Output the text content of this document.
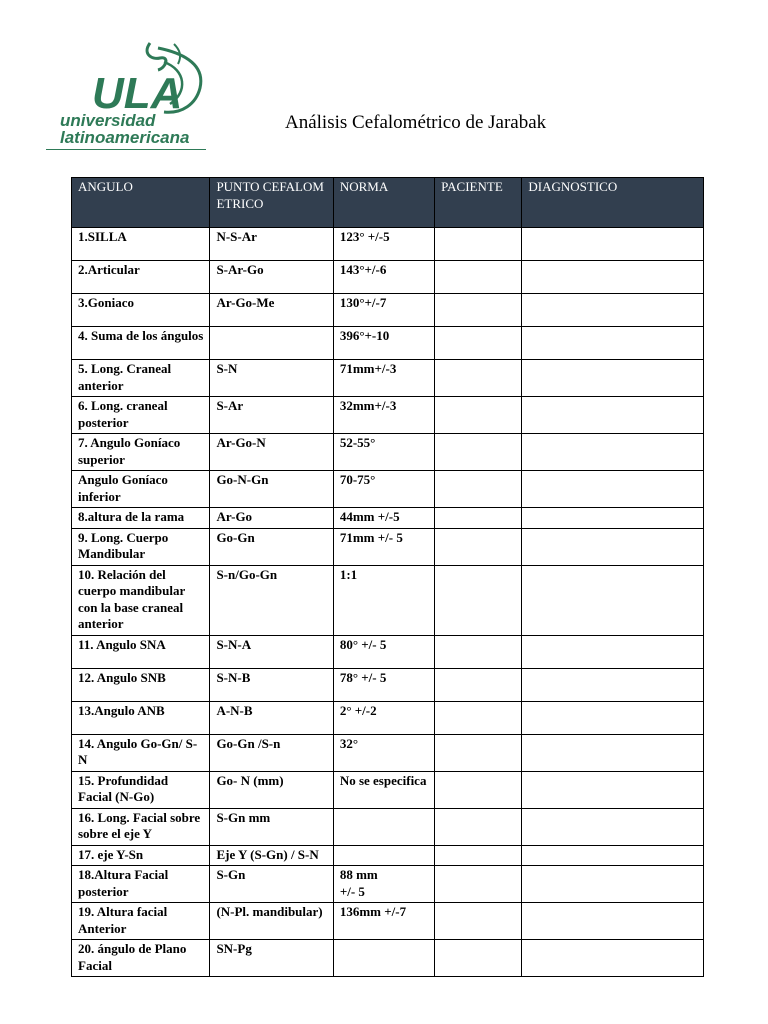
ULA
universidad
latinoamericana
Análisis Cefalométrico de Jarabak
ANGULO	PUNTO CEFALOMETRICO	NORMA	PACIENTE	DIAGNOSTICO
1.SILLA	N-S-Ar	123° +/-5		
2.Articular	S-Ar-Go	143°+/-6		
3.Goniaco	Ar-Go-Me	130°+/-7		
4. Suma de los ángulos		396°+-10		
5. Long. Craneal anterior	S-N	71mm+/-3		
6. Long. craneal posterior	S-Ar	32mm+/-3		
7. Angulo Goníaco superior	Ar-Go-N	52-55°		
Angulo Goníaco inferior	Go-N-Gn	70-75°		
8.altura de la rama	Ar-Go	44mm +/-5		
9. Long. Cuerpo Mandibular	Go-Gn	71mm +/- 5		
10. Relación del cuerpo mandibular con la base craneal anterior	S-n/Go-Gn	1:1		
11. Angulo SNA	S-N-A	80° +/- 5		
12. Angulo SNB	S-N-B	78° +/- 5		
13.Angulo ANB	A-N-B	2° +/-2		
14. Angulo Go-Gn/ S-N	Go-Gn /S-n	32°		
15. Profundidad Facial (N-Go)	Go- N (mm)	No se especifica		
16. Long. Facial sobre sobre el eje Y	S-Gn mm			
17. eje Y-Sn	Eje Y (S-Gn) / S-N			
18.Altura Facial posterior	S-Gn	88 mm
+/- 5		
19. Altura facial Anterior	(N-Pl. mandibular)	136mm +/-7		
20. ángulo de Plano Facial	SN-Pg			
